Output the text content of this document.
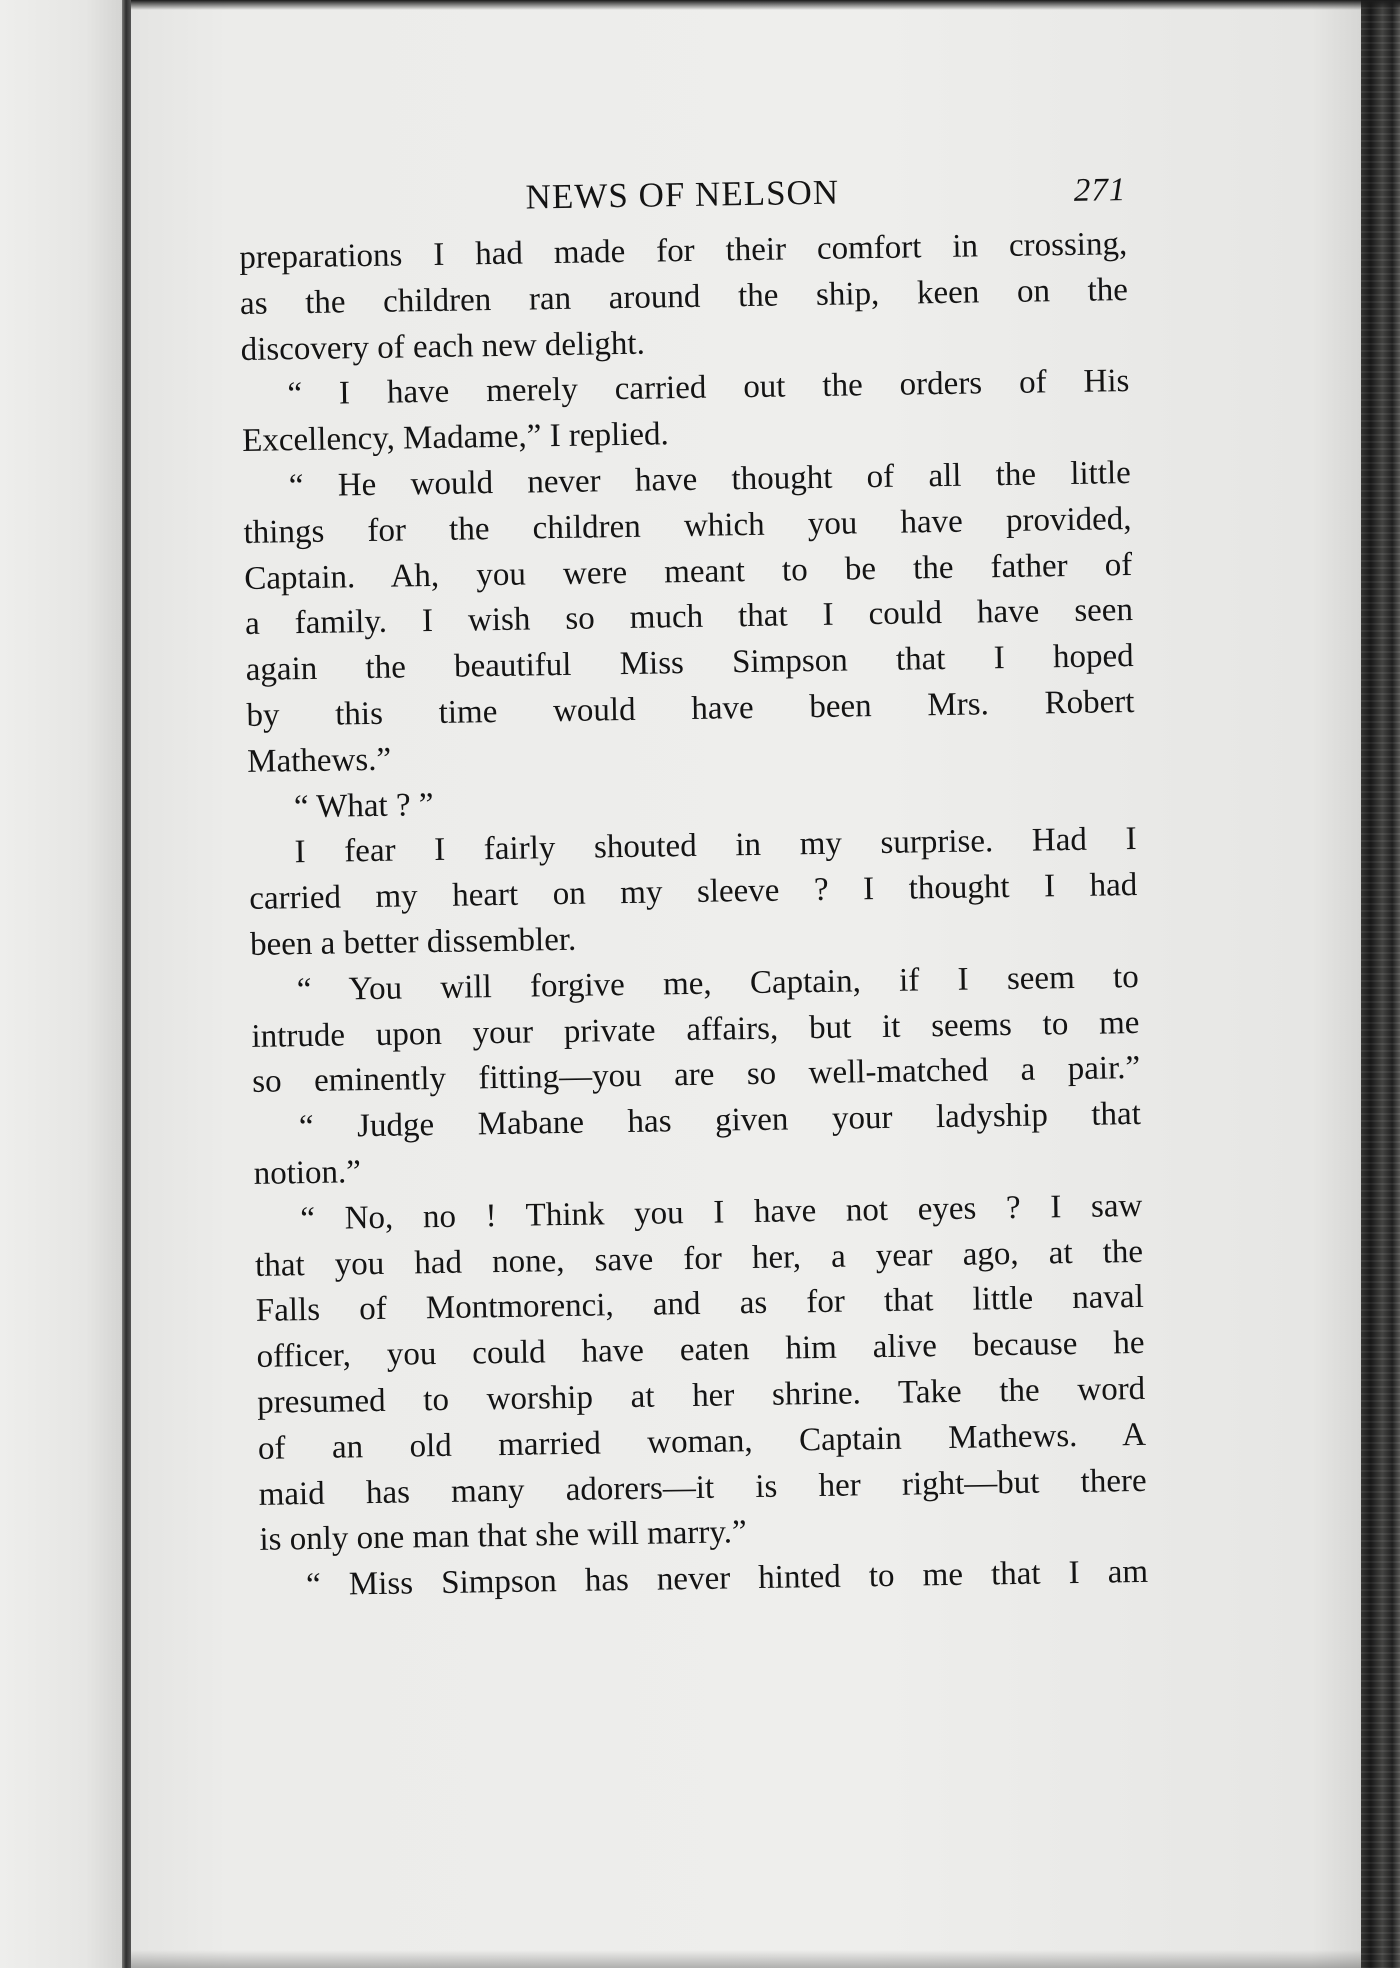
NEWS OF NELSON	271
preparations I had made for their comfort in crossing,
as the children ran around the ship, keen on the
discovery of each new delight.
“ I have merely carried out the orders of His
Excellency, Madame,” I replied.
“ He would never have thought of all the little
things for the children which you have provided,
Captain. Ah, you were meant to be the father of
a family. I wish so much that I could have seen
again the beautiful Miss Simpson that I hoped
by this time would have been Mrs. Robert
Mathews.”
“ What ? ”
I fear I fairly shouted in my surprise. Had I
carried my heart on my sleeve ? I thought I had
been a better dissembler.
“ You will forgive me, Captain, if I seem to
intrude upon your private affairs, but it seems to me
so eminently fitting—you are so well-matched a pair.”
“ Judge Mabane has given your ladyship that
notion.”
“ No, no ! Think you I have not eyes ? I saw
that you had none, save for her, a year ago, at the
Falls of Montmorenci, and as for that little naval
officer, you could have eaten him alive because he
presumed to worship at her shrine. Take the word
of an old married woman, Captain Mathews. A
maid has many adorers—it is her right—but there
is only one man that she will marry.”
“ Miss Simpson has never hinted to me that I am
